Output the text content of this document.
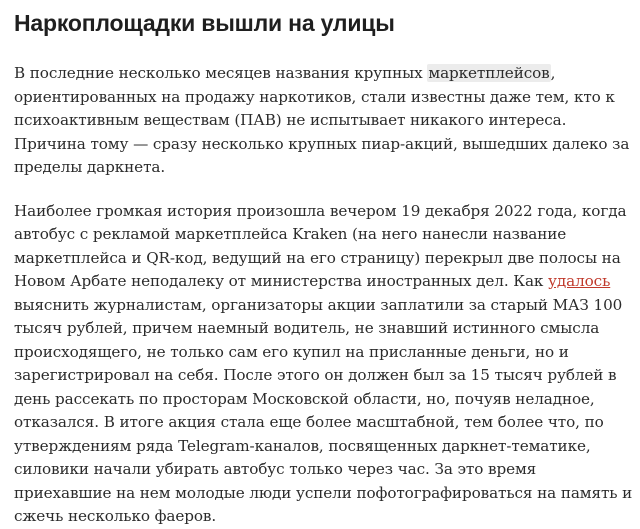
Наркоплощадки вышли на улицы

В последние несколько месяцев названия крупных маркетплейсов, ориентированных на продажу наркотиков, стали известны даже тем, кто к психоактивным веществам (ПАВ) не испытывает никакого интереса. Причина тому — сразу несколько крупных пиар-акций, вышедших далеко за пределы даркнета.

Наиболее громкая история произошла вечером 19 декабря 2022 года, когда автобус с рекламой маркетплейса Kraken (на него нанесли название маркетплейса и QR-код, ведущий на его страницу) перекрыл две полосы на Новом Арбате неподалеку от министерства иностранных дел. Как удалось выяснить журналистам, организаторы акции заплатили за старый МАЗ 100 тысяч рублей, причем наемный водитель, не знавший истинного смысла происходящего, не только сам его купил на присланные деньги, но и зарегистрировал на себя. После этого он должен был за 15 тысяч рублей в день рассекать по просторам Московской области, но, почуяв неладное, отказался. В итоге акция стала еще более масштабной, тем более что, по утверждениям ряда Telegram-каналов, посвященных даркнет-тематике, силовики начали убирать автобус только через час. За это время приехавшие на нем молодые люди успели пофотографироваться на память и сжечь несколько фаеров.
